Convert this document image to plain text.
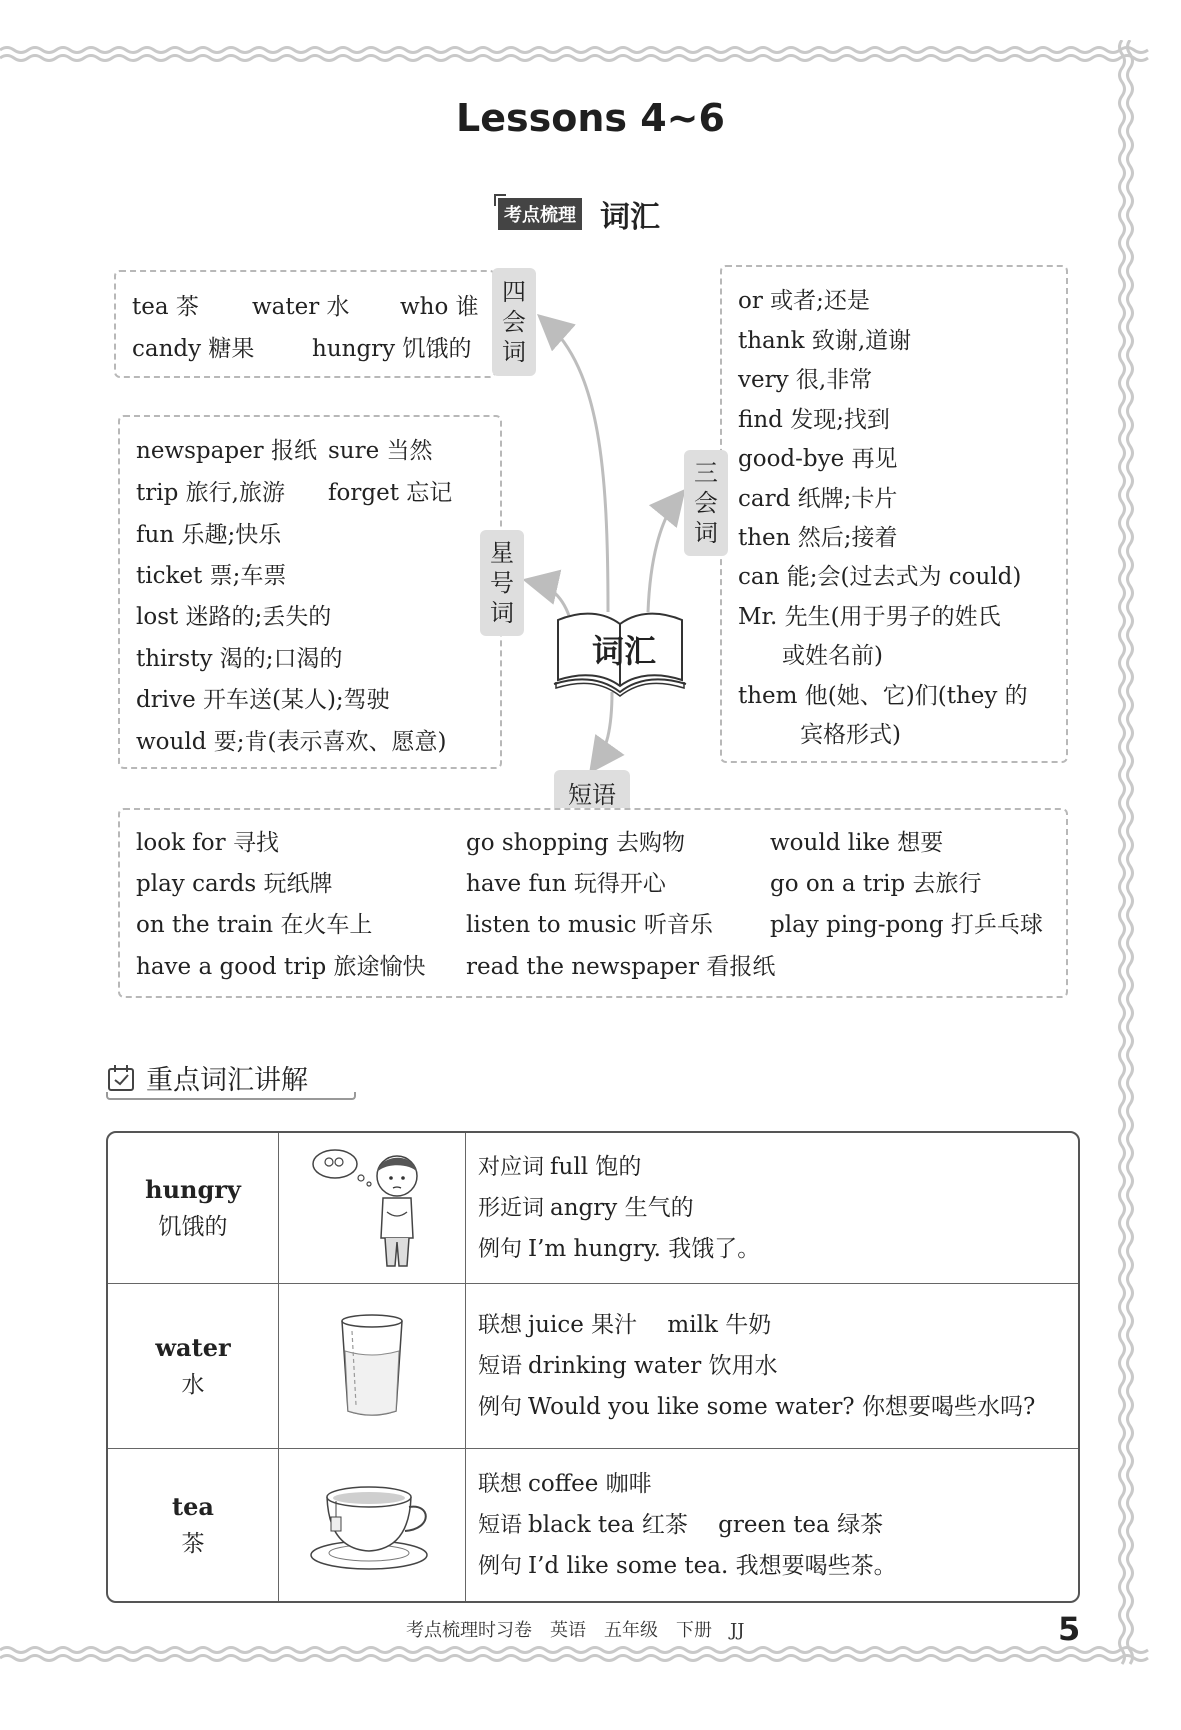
Lessons 4~6
考点梳理 词汇
tea 茶 water 水 who 谁
candy 糖果	hungry 饥饿的
四
会
词
newspaper 报纸 sure 当然
trip 旅行,旅游 forget 忘记
fun 乐趣;快乐
ticket 票;车票
lost 迷路的;丢失的
thirsty 渴的;口渴的
drive 开车送(某人);驾驶
would 要;肯(表示喜欢、愿意)
星
号
词
or 或者;还是
thank 致谢,道谢
very 很,非常
find 发现;找到
good-bye 再见
card 纸牌;卡片
then 然后;接着
can 能;会(过去式为 could)
Mr. 先生(用于男子的姓氏
或姓名前)
them 他(她、它)们(they 的
宾格形式)
三
会
词
词汇
短语
look for 寻找
play cards 玩纸牌
on the train 在火车上
have a good trip 旅途愉快
go shopping 去购物
have fun 玩得开心
listen to music 听音乐
read the newspaper 看报纸
would like 想要
go on a trip 去旅行
play ping-pong 打乒乓球
重点词汇讲解
hungry
饥饿的
对应词 full 饱的
形近词 angry 生气的
例句 I’m hungry. 我饿了。
water
水
联想 juice 果汁　 milk 牛奶
短语 drinking water 饮用水
例句 Would you like some water? 你想要喝些水吗?
tea
茶
联想 coffee 咖啡
短语 black tea 红茶　 green tea 绿茶
例句 I’d like some tea. 我想要喝些茶。
考点梳理时习卷　英语　五年级　下册　JJ	5
